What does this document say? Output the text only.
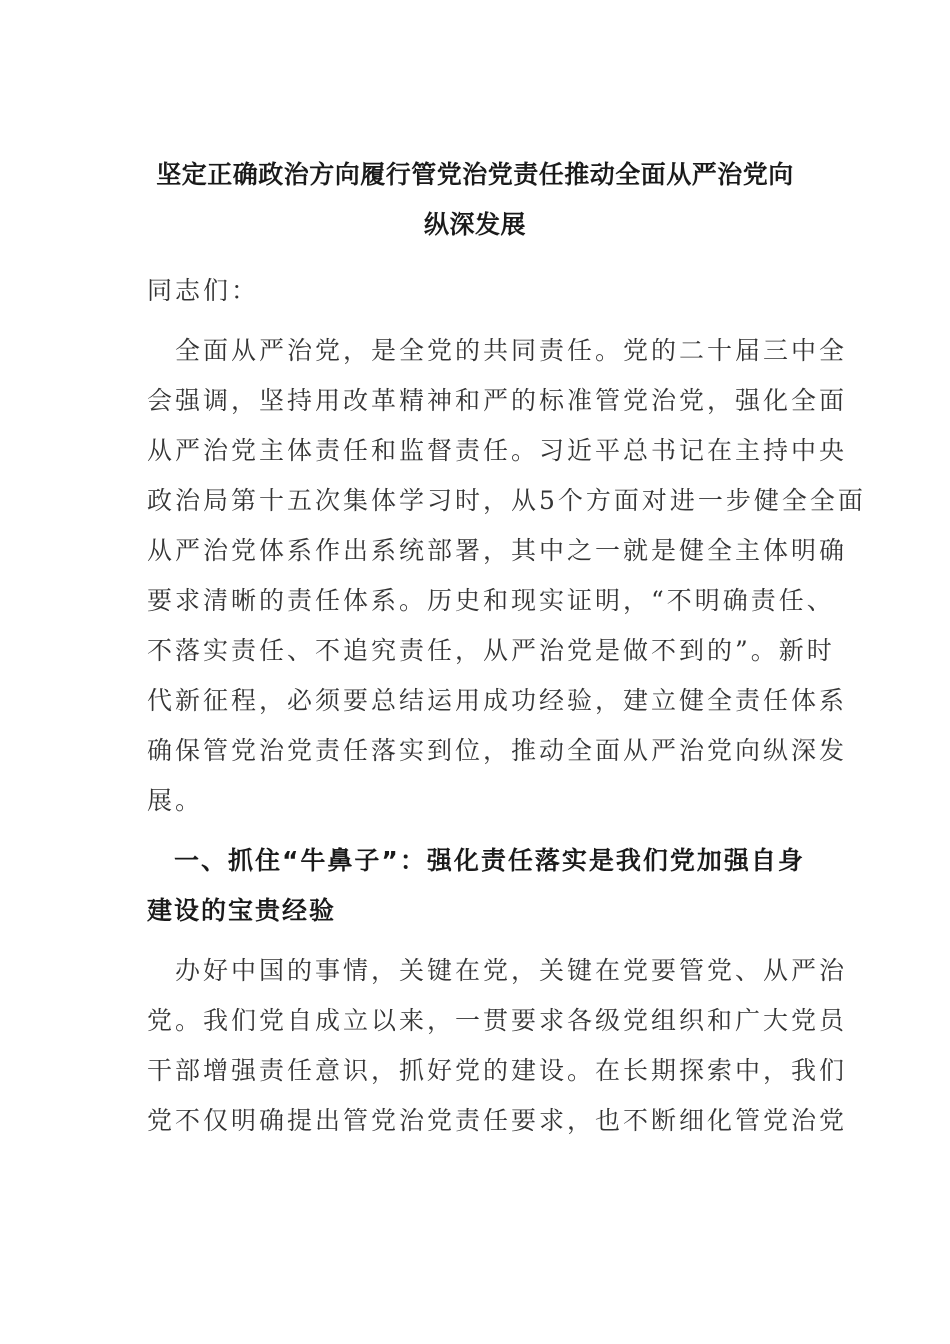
坚定正确政治方向履行管党治党责任推动全面从严治党向
纵深发展
同志们：
　全面从严治党，是全党的共同责任。党的二十届三中全
会强调，坚持用改革精神和严的标准管党治党，强化全面
从严治党主体责任和监督责任。习近平总书记在主持中央
政治局第十五次集体学习时，从5个方面对进一步健全全面
从严治党体系作出系统部署，其中之一就是健全主体明确
要求清晰的责任体系。历史和现实证明，“不明确责任、
不落实责任、不追究责任，从严治党是做不到的”。新时
代新征程，必须要总结运用成功经验，建立健全责任体系
确保管党治党责任落实到位，推动全面从严治党向纵深发
展。
　一、抓住“牛鼻子”：强化责任落实是我们党加强自身
建设的宝贵经验
　办好中国的事情，关键在党，关键在党要管党、从严治
党。我们党自成立以来，一贯要求各级党组织和广大党员
干部增强责任意识，抓好党的建设。在长期探索中，我们
党不仅明确提出管党治党责任要求，也不断细化管党治党
